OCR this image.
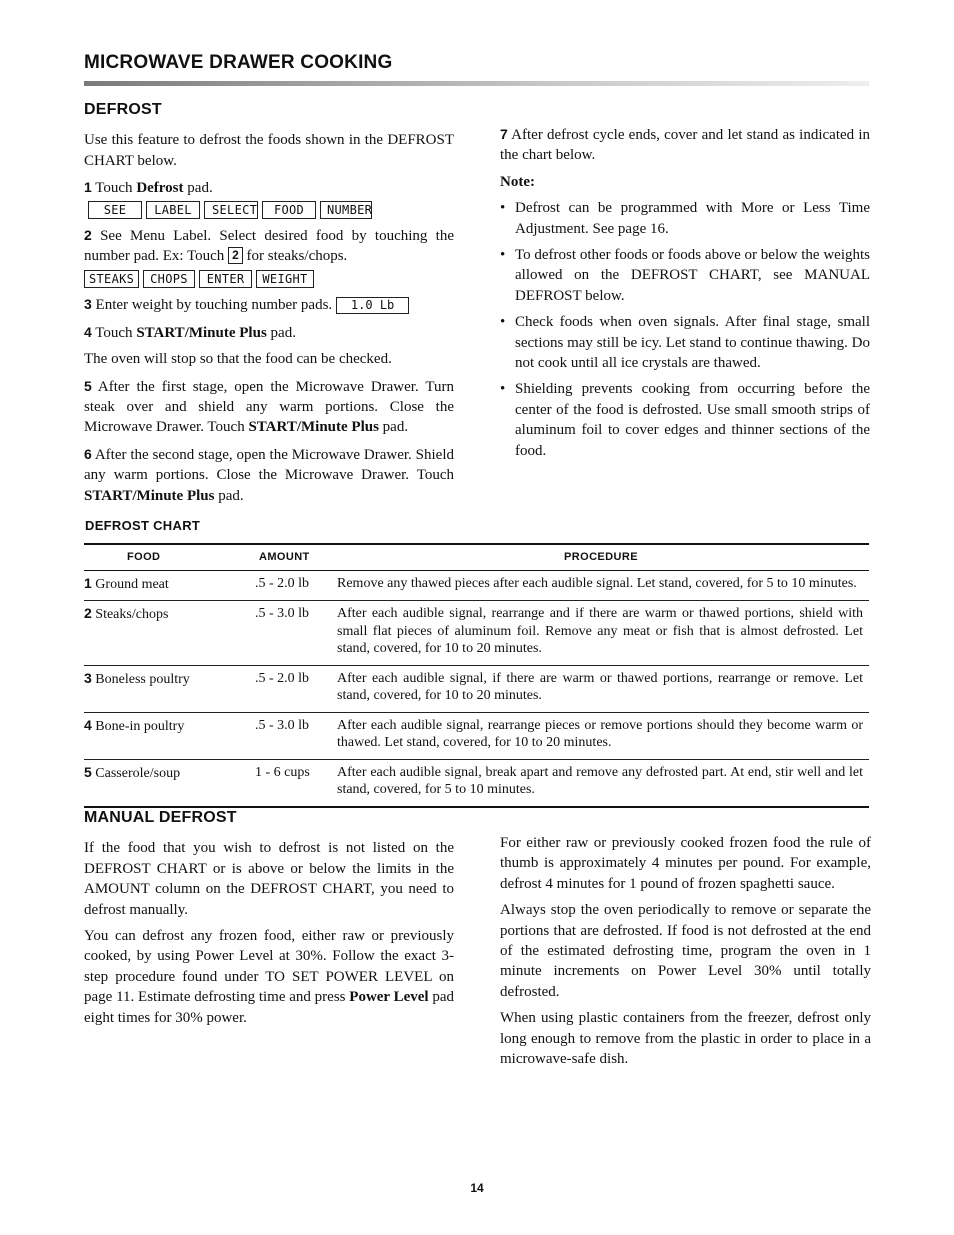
MICROWAVE DRAWER COOKING
DEFROST

Use this feature to defrost the foods shown in the DEFROST CHART below.

1 Touch Defrost pad.

SEE	LABEL	SELECT	FOOD	NUMBER

2 See Menu Label. Select desired food by touching the number pad. Ex: Touch 2 for steaks/chops.

STEAKS	CHOPS	ENTER	WEIGHT

3 Enter weight by touching number pads. 1.0 Lb

4 Touch START/Minute Plus pad.

The oven will stop so that the food can be checked.

5 After the first stage, open the Microwave Drawer. Turn steak over and shield any warm portions. Close the Microwave Drawer. Touch START/Minute Plus pad.

6 After the second stage, open the Microwave Drawer. Shield any warm portions. Close the Microwave Drawer. Touch START/Minute Plus pad.

7 After defrost cycle ends, cover and let stand as indicated in the chart below.

Note:
• Defrost can be programmed with More or Less Time Adjustment. See page 16.
• To defrost other foods or foods above or below the weights allowed on the DEFROST CHART, see MANUAL DEFROST below.
• Check foods when oven signals. After final stage, small sections may still be icy. Let stand to continue thawing. Do not cook until all ice crystals are thawed.
• Shielding prevents cooking from occurring before the center of the food is defrosted. Use small smooth strips of aluminum foil to cover edges and thinner sections of the food.
DEFROST CHART
FOOD	AMOUNT	PROCEDURE
1 Ground meat	.5 - 2.0 lb	Remove any thawed pieces after each audible signal. Let stand, covered, for 5 to 10 minutes.
2 Steaks/chops	.5 - 3.0 lb	After each audible signal, rearrange and if there are warm or thawed portions, shield with small flat pieces of aluminum foil. Remove any meat or fish that is almost defrosted. Let stand, covered, for 10 to 20 minutes.
3 Boneless poultry	.5 - 2.0 lb	After each audible signal, if there are warm or thawed portions, rearrange or remove. Let stand, covered, for 10 to 20 minutes.
4 Bone-in poultry	.5 - 3.0 lb	After each audible signal, rearrange pieces or remove portions should they become warm or thawed. Let stand, covered, for 10 to 20 minutes.
5 Casserole/soup	1 - 6 cups	After each audible signal, break apart and remove any defrosted part. At end, stir well and let stand, covered, for 5 to 10 minutes.
MANUAL DEFROST

If the food that you wish to defrost is not listed on the DEFROST CHART or is above or below the limits in the AMOUNT column on the DEFROST CHART, you need to defrost manually.

You can defrost any frozen food, either raw or previously cooked, by using Power Level at 30%. Follow the exact 3-step procedure found under TO SET POWER LEVEL on page 11. Estimate defrosting time and press Power Level pad eight times for 30% power.

For either raw or previously cooked frozen food the rule of thumb is approximately 4 minutes per pound. For example, defrost 4 minutes for 1 pound of frozen spaghetti sauce.

Always stop the oven periodically to remove or separate the portions that are defrosted. If food is not defrosted at the end of the estimated defrosting time, program the oven in 1 minute increments on Power Level 30% until totally defrosted.

When using plastic containers from the freezer, defrost only long enough to remove from the plastic in order to place in a microwave-safe dish.

14
